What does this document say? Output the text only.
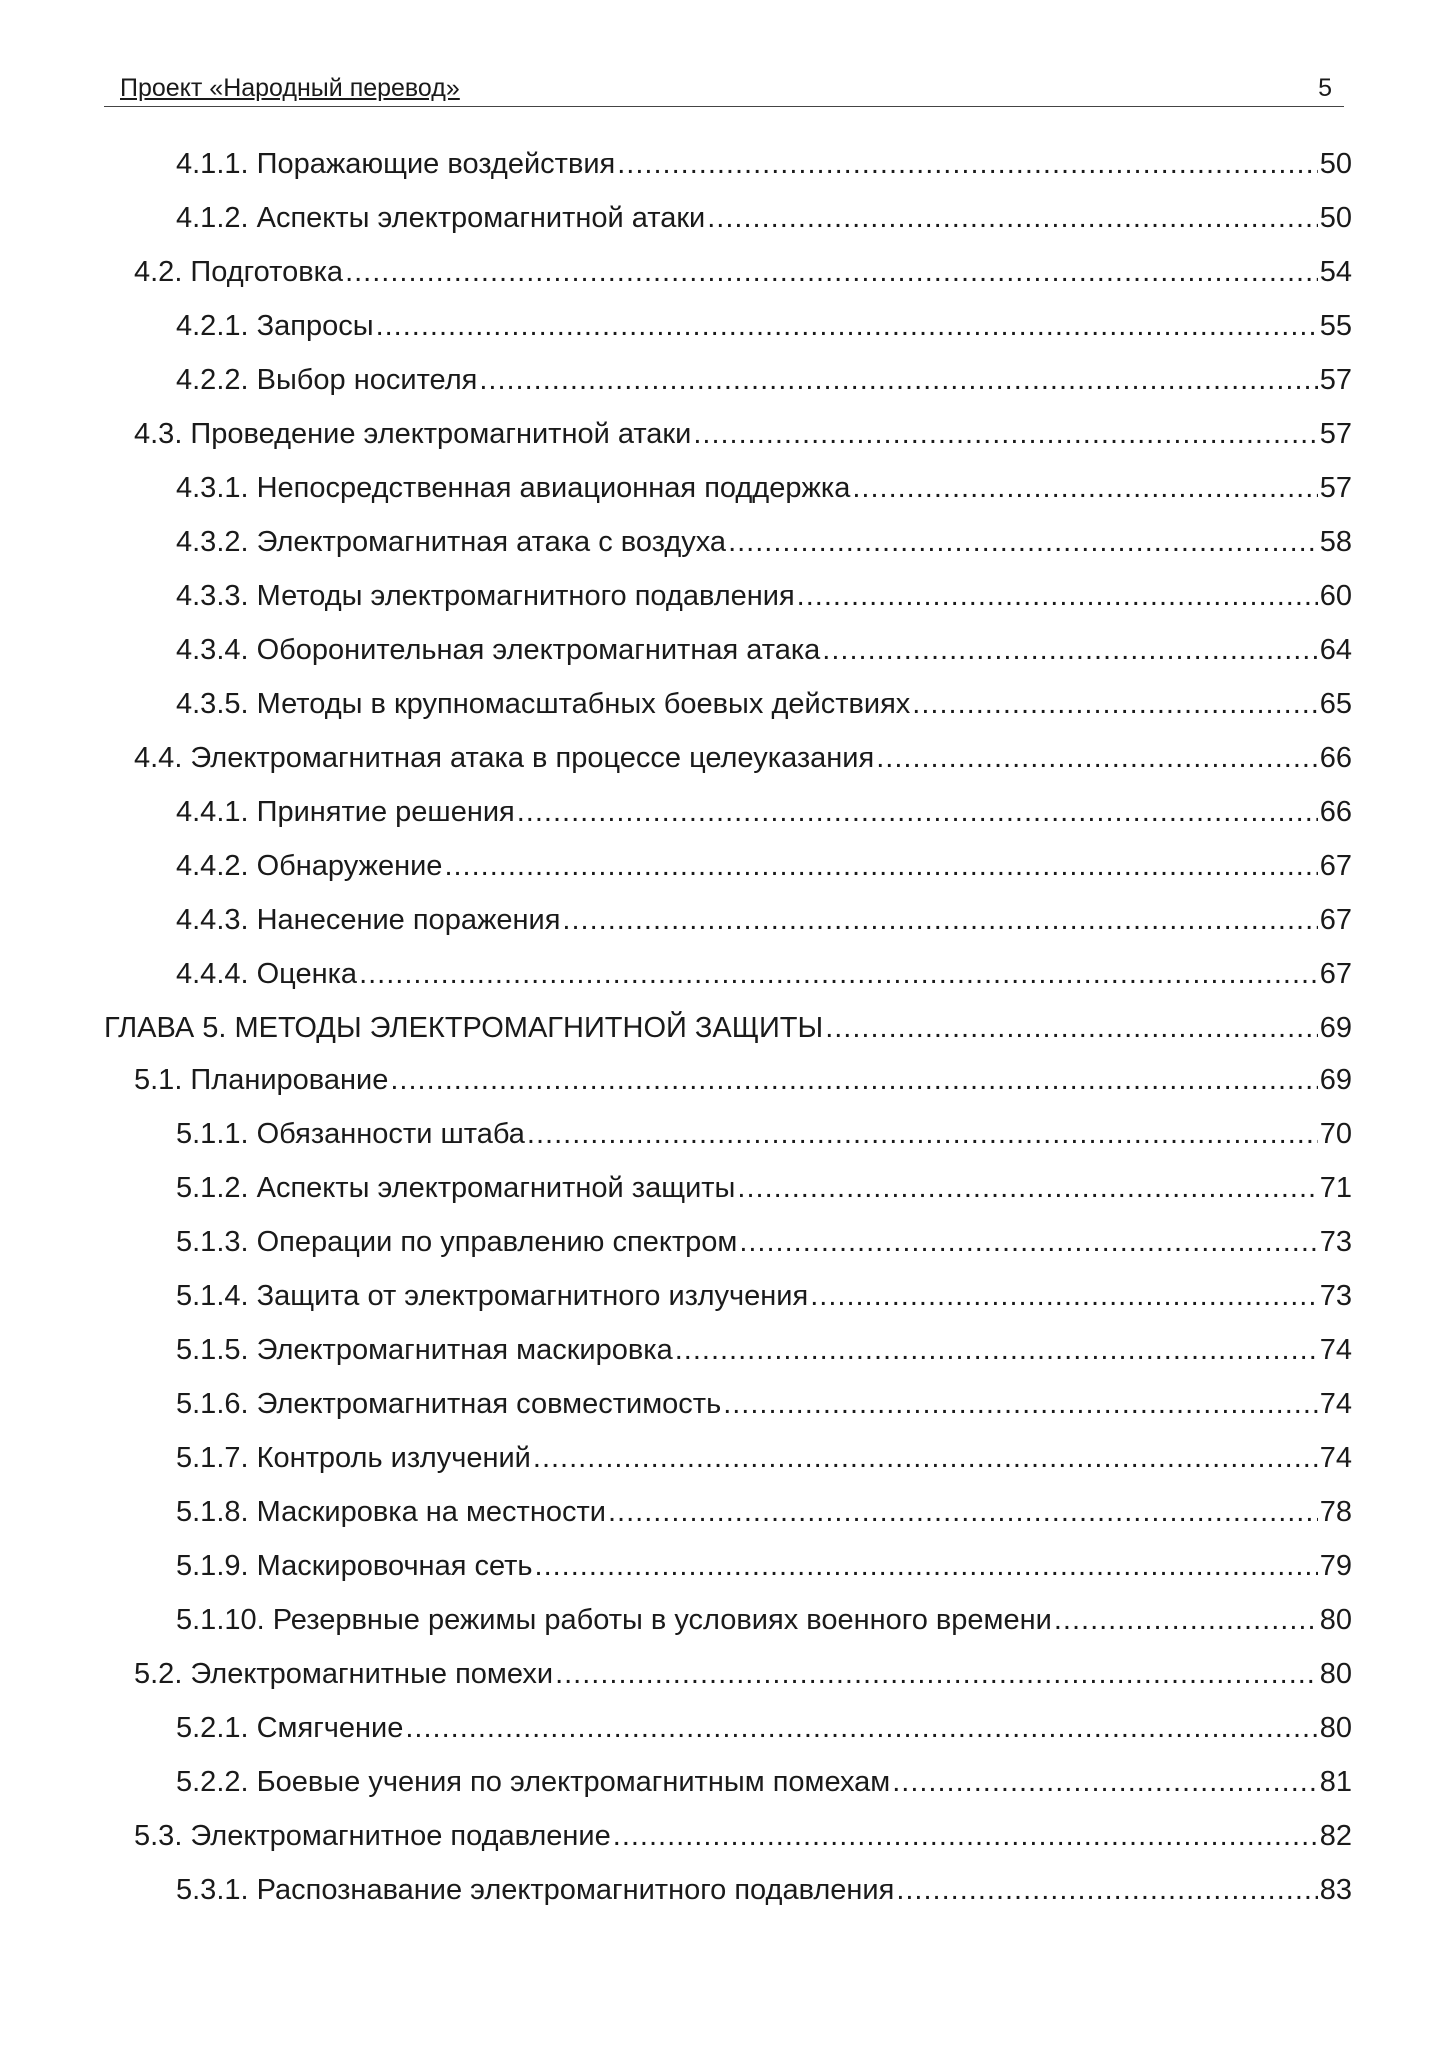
Проект «Народный перевод»	5
4.1.1. Поражающие воздействия .....	50
4.1.2. Аспекты электромагнитной атаки .....	50
4.2. Подготовка .....	54
4.2.1. Запросы .....	55
4.2.2. Выбор носителя .....	57
4.3. Проведение электромагнитной атаки .....	57
4.3.1. Непосредственная авиационная поддержка .....	57
4.3.2. Электромагнитная атака с воздуха .....	58
4.3.3. Методы электромагнитного подавления .....	60
4.3.4. Оборонительная электромагнитная атака .....	64
4.3.5. Методы в крупномасштабных боевых действиях .....	65
4.4. Электромагнитная атака в процессе целеуказания .....	66
4.4.1. Принятие решения .....	66
4.4.2. Обнаружение .....	67
4.4.3. Нанесение поражения .....	67
4.4.4. Оценка .....	67
ГЛАВА 5. МЕТОДЫ ЭЛЕКТРОМАГНИТНОЙ ЗАЩИТЫ .....	69
5.1. Планирование .....	69
5.1.1. Обязанности штаба .....	70
5.1.2. Аспекты электромагнитной защиты .....	71
5.1.3. Операции по управлению спектром .....	73
5.1.4. Защита от электромагнитного излучения .....	73
5.1.5. Электромагнитная маскировка .....	74
5.1.6. Электромагнитная совместимость .....	74
5.1.7. Контроль излучений .....	74
5.1.8. Маскировка на местности .....	78
5.1.9. Маскировочная сеть .....	79
5.1.10. Резервные режимы работы в условиях военного времени .....	80
5.2. Электромагнитные помехи .....	80
5.2.1. Смягчение .....	80
5.2.2. Боевые учения по электромагнитным помехам .....	81
5.3. Электромагнитное подавление .....	82
5.3.1. Распознавание электромагнитного подавления .....	83
